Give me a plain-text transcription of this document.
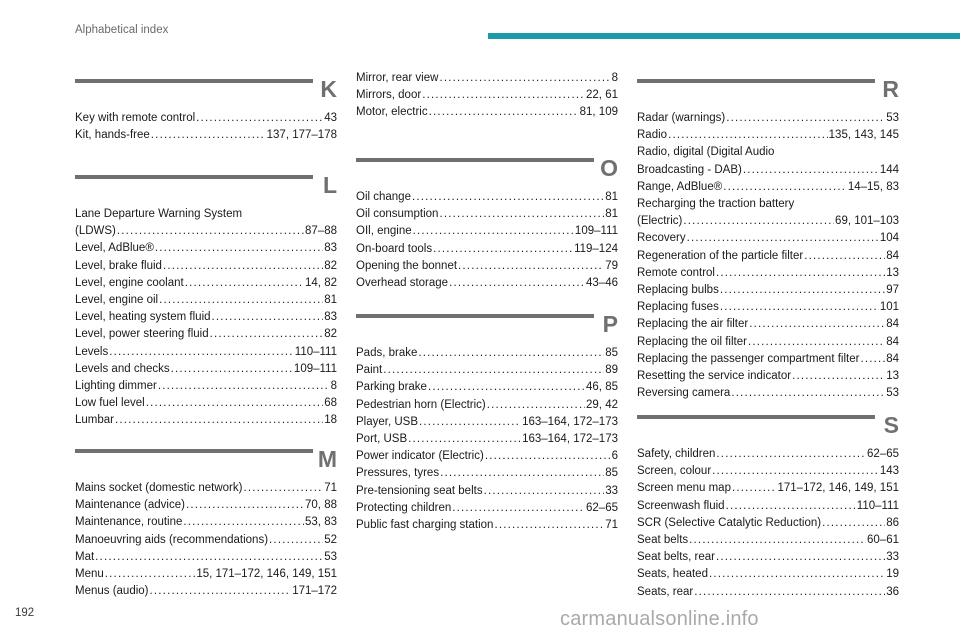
Alphabetical index
K
Key with remote control . . .	43
Kit, hands-free . . .	137, 177–178
L
Lane Departure Warning System
(LDWS) . . .	87–88
Level, AdBlue® . . .	83
Level, brake fluid . . .	82
Level, engine coolant . . .	14, 82
Level, engine oil . . .	81
Level, heating system fluid . . .	83
Level, power steering fluid . . .	82
Levels . . .	110–111
Levels and checks . . .	109–111
Lighting dimmer . . .	8
Low fuel level . . .	68
Lumbar . . .	18
M
Mains socket (domestic network) . . .	71
Maintenance (advice) . . .	70, 88
Maintenance, routine . . .	53, 83
Manoeuvring aids (recommendations) . . .	52
Mat . . .	53
Menu . . .	15, 171–172, 146, 149, 151
Menus (audio) . . .	171–172
Mirror, rear view . . .	8
Mirrors, door . . .	22, 61
Motor, electric . . .	81, 109
O
Oil change . . .	81
Oil consumption . . .	81
OIl, engine . . .	109–111
On-board tools . . .	119–124
Opening the bonnet . . .	79
Overhead storage . . .	43–46
P
Pads, brake . . .	85
Paint . . .	89
Parking brake . . .	46, 85
Pedestrian horn (Electric) . . .	29, 42
Player, USB . . .	163–164, 172–173
Port, USB . . .	163–164, 172–173
Power indicator (Electric) . . .	6
Pressures, tyres . . .	85
Pre-tensioning seat belts . . .	33
Protecting children . . .	62–65
Public fast charging station . . .	71
R
Radar (warnings) . . .	53
Radio . . .	135, 143, 145
Radio, digital (Digital Audio
Broadcasting - DAB) . . .	144
Range, AdBlue® . . .	14–15, 83
Recharging the traction battery
(Electric) . . .	69, 101–103
Recovery . . .	104
Regeneration of the particle filter . . .	84
Remote control . . .	13
Replacing bulbs . . .	97
Replacing fuses . . .	101
Replacing the air filter . . .	84
Replacing the oil filter . . .	84
Replacing the passenger compartment filter . . . 84
Resetting the service indicator . . .	13
Reversing camera . . .	53
S
Safety, children . . .	62–65
Screen, colour . . .	143
Screen menu map . . .	171–172, 146, 149, 151
Screenwash fluid . . .	110–111
SCR (Selective Catalytic Reduction) . . .	86
Seat belts . . .	60–61
Seat belts, rear . . .	33
Seats, heated . . .	19
Seats, rear . . .	36
192	carmanualsonline.info
